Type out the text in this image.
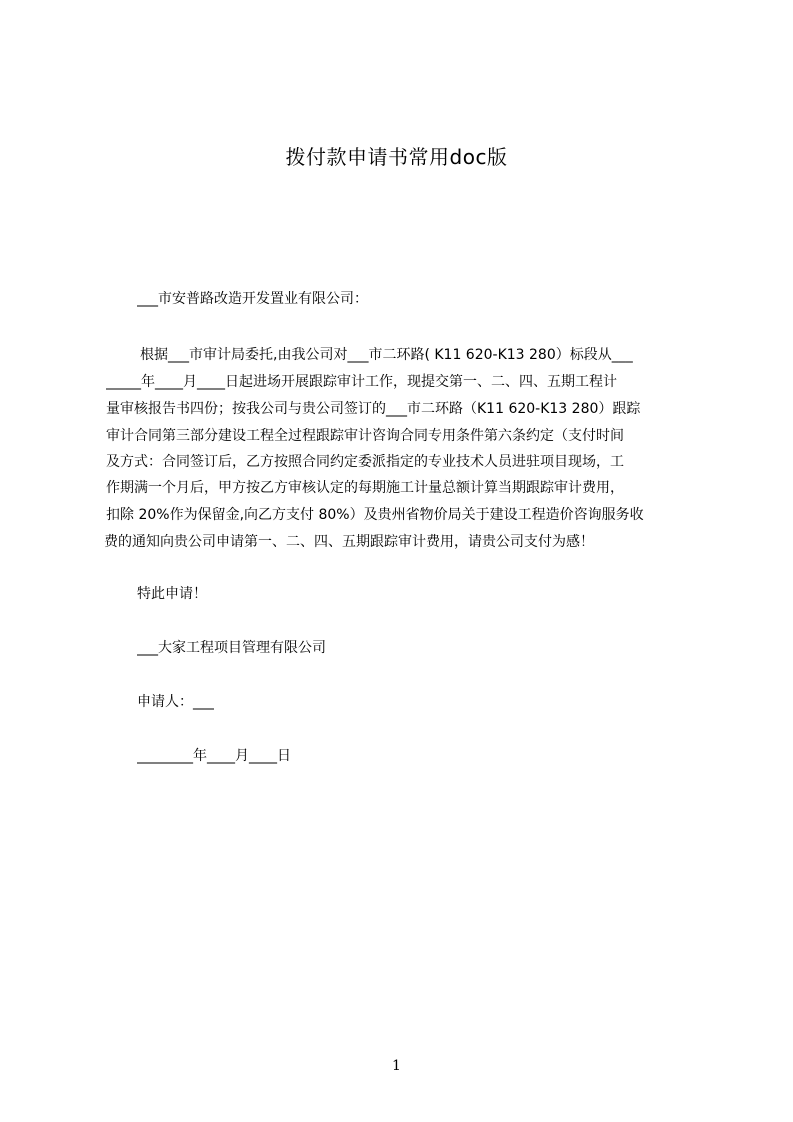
拨付款申请书常用doc版
___市安普路改造开发置业有限公司：
根据___市审计局委托,由我公司对___市二环路( K11 620-K13 280）标段从___
_____年____月____日起进场开展跟踪审计工作，现提交第一、二、四、五期工程计
量审核报告书四份；按我公司与贵公司签订的___市二环路（K11 620-K13 280）跟踪
审计合同第三部分建设工程全过程跟踪审计咨询合同专用条件第六条约定（支付时间
及方式：合同签订后，乙方按照合同约定委派指定的专业技术人员进驻项目现场，工
作期满一个月后，甲方按乙方审核认定的每期施工计量总额计算当期跟踪审计费用，
扣除 20%作为保留金,向乙方支付 80%）及贵州省物价局关于建设工程造价咨询服务收
费的通知向贵公司申请第一、二、四、五期跟踪审计费用，请贵公司支付为感！
特此申请！
___大家工程项目管理有限公司
申请人：___
________年____月____日
1
